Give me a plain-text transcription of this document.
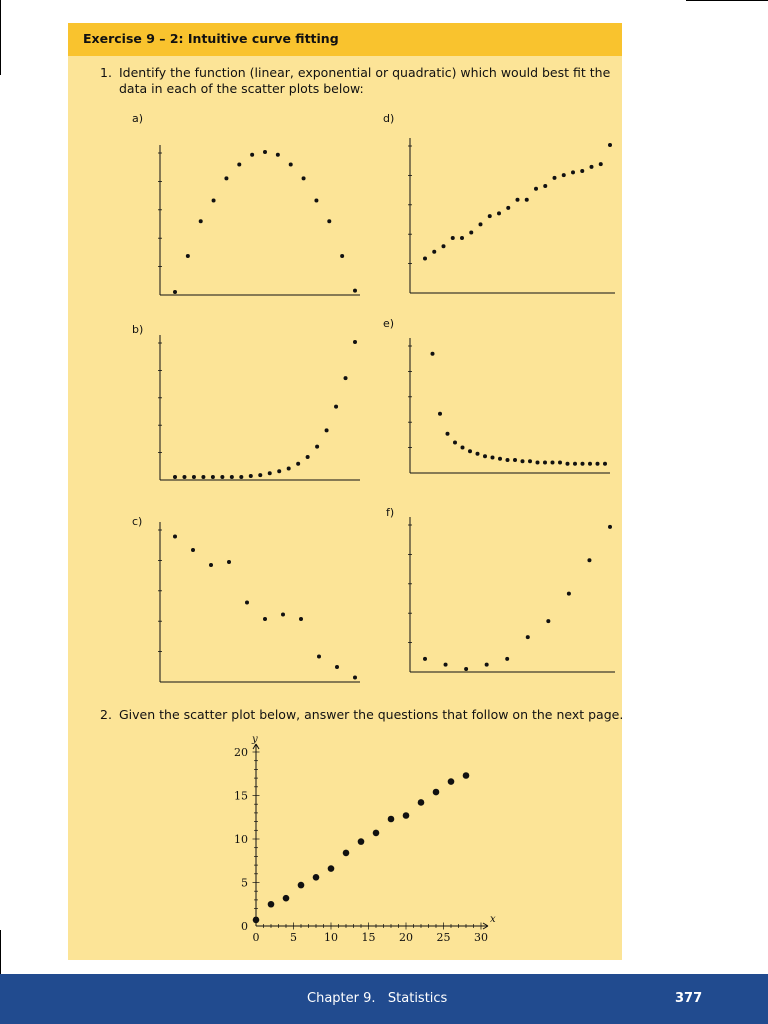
Exercise 9 – 2: Intuitive curve fitting
1. Identify the function (linear, exponential or quadratic) which would best fit the
data in each of the scatter plots below:
a)	d)
b)	e)
c)
f)
2. Given the scatter plot below, answer the questions that follow on the next page.
0	5 10 15 20 25 30
0
5
10
15
20
x
y
Chapter 9.   Statistics	377
